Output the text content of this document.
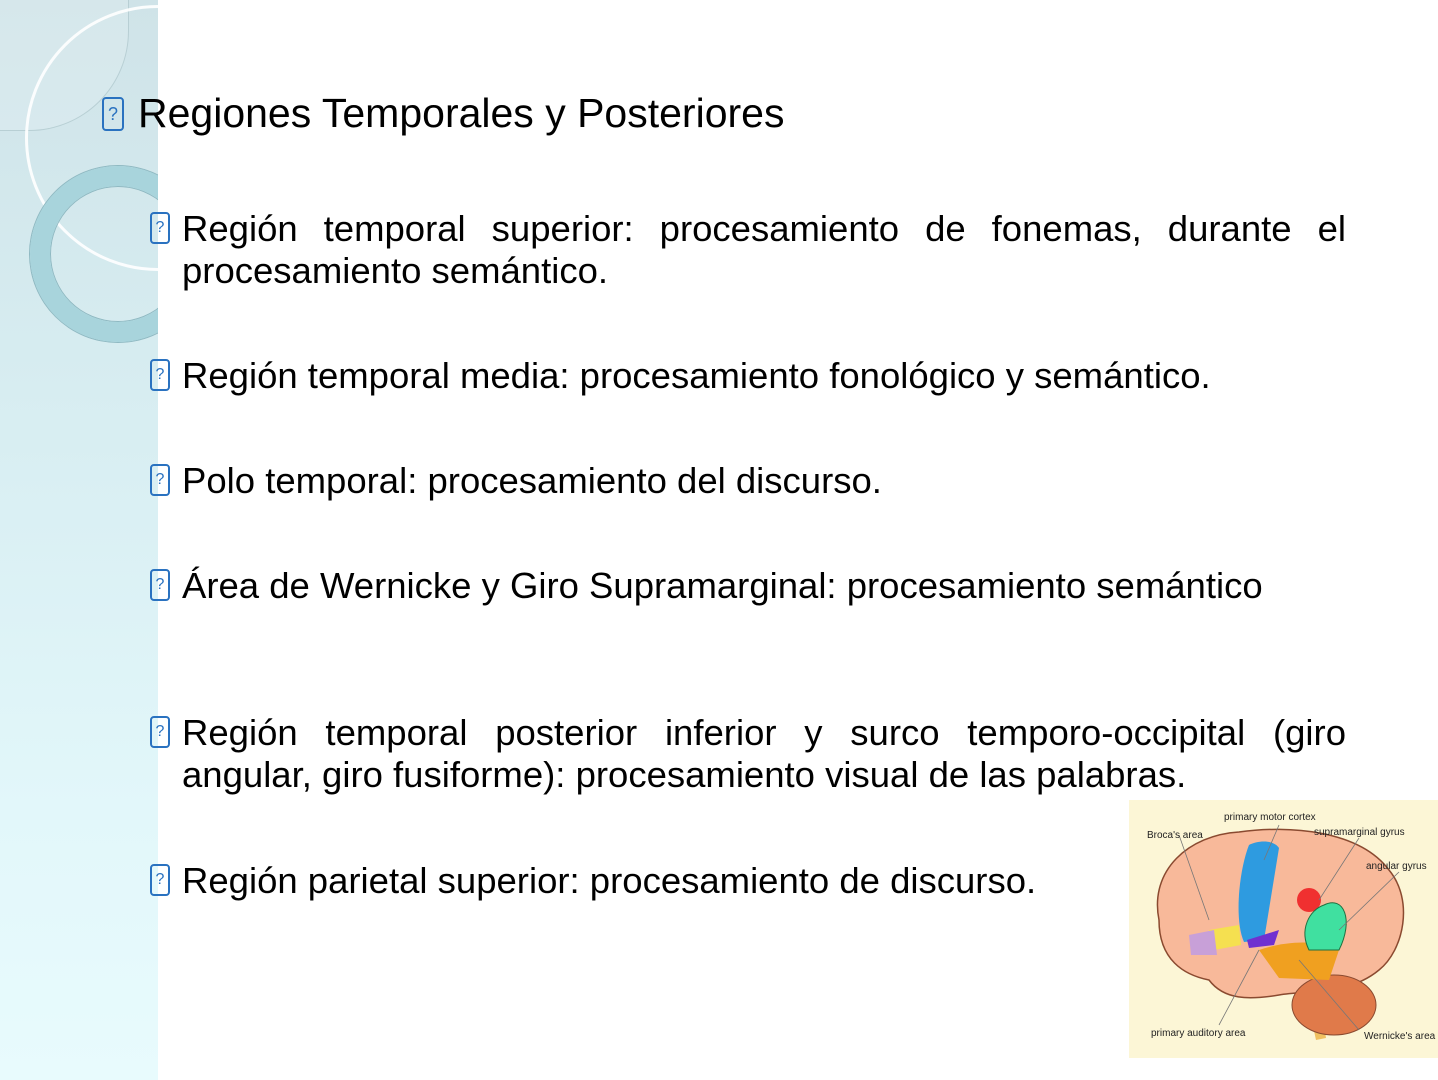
? Regiones Temporales y Posteriores
? Región temporal superior: procesamiento de fonemas, durante el procesamiento semántico.
? Región temporal media: procesamiento fonológico y semántico.
? Polo temporal: procesamiento del discurso.
? Área de Wernicke y Giro Supramarginal: procesamiento semántico
? Región temporal posterior inferior y surco temporo-occipital (giro angular, giro fusiforme): procesamiento visual de las palabras.
? Región parietal superior: procesamiento de discurso.
primary motor cortex
Broca's area	supramarginal gyrus
angular gyrus
primary auditory area	Wernicke's area
